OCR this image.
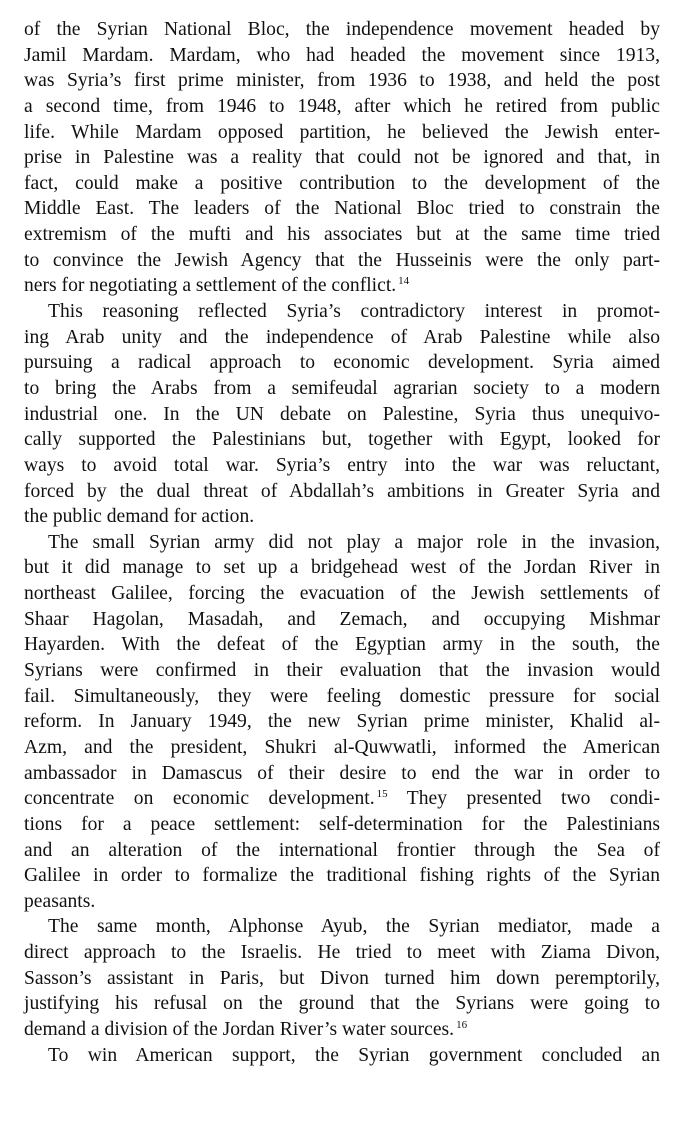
of the Syrian National Bloc, the independence movement headed by
Jamil Mardam. Mardam, who had headed the movement since 1913,
was Syria’s first prime minister, from 1936 to 1938, and held the post
a second time, from 1946 to 1948, after which he retired from public
life. While Mardam opposed partition, he believed the Jewish enter-
prise in Palestine was a reality that could not be ignored and that, in
fact, could make a positive contribution to the development of the
Middle East. The leaders of the National Bloc tried to constrain the
extremism of the mufti and his associates but at the same time tried
to convince the Jewish Agency that the Husseinis were the only part-
ners for negotiating a settlement of the conflict. $^{14}$
This reasoning reflected Syria’s contradictory interest in promot-
ing Arab unity and the independence of Arab Palestine while also
pursuing a radical approach to economic development. Syria aimed
to bring the Arabs from a semifeudal agrarian society to a modern
industrial one. In the UN debate on Palestine, Syria thus unequivo-
cally supported the Palestinians but, together with Egypt, looked for
ways to avoid total war. Syria’s entry into the war was reluctant,
forced by the dual threat of Abdallah’s ambitions in Greater Syria and
the public demand for action.
The small Syrian army did not play a major role in the invasion,
but it did manage to set up a bridgehead west of the Jordan River in
northeast Galilee, forcing the evacuation of the Jewish settlements of
Shaar Hagolan, Masadah, and Zemach, and occupying Mishmar
Hayarden. With the defeat of the Egyptian army in the south, the
Syrians were confirmed in their evaluation that the invasion would
fail. Simultaneously, they were feeling domestic pressure for social
reform. In January 1949, the new Syrian prime minister, Khalid al-
Azm, and the president, Shukri al-Quwwatli, informed the American
ambassador in Damascus of their desire to end the war in order to
concentrate on economic development. $^{15}$ They presented two condi-
tions for a peace settlement: self-determination for the Palestinians
and an alteration of the international frontier through the Sea of
Galilee in order to formalize the traditional fishing rights of the Syrian
peasants.
The same month, Alphonse Ayub, the Syrian mediator, made a
direct approach to the Israelis. He tried to meet with Ziama Divon,
Sasson’s assistant in Paris, but Divon turned him down peremptorily,
justifying his refusal on the ground that the Syrians were going to
demand a division of the Jordan River’s water sources. $^{16}$
To win American support, the Syrian government concluded an
